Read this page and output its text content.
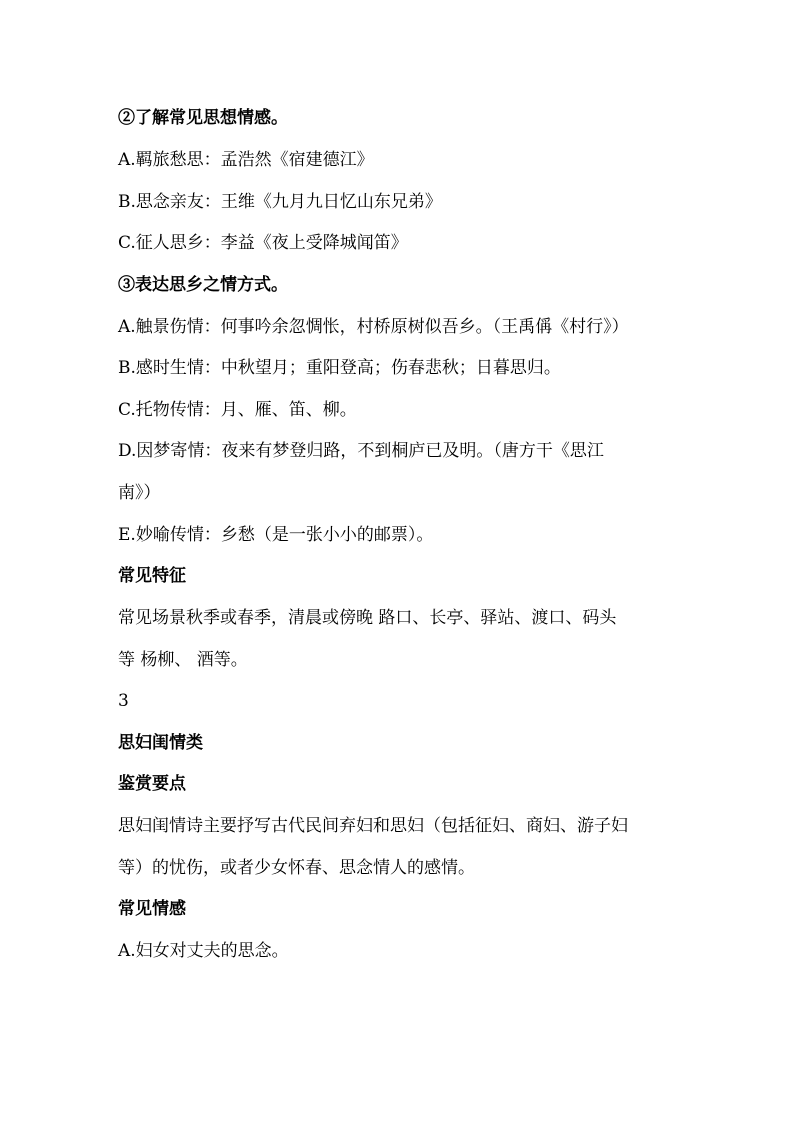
②了解常见思想情感。
A.羁旅愁思：孟浩然《宿建德江》
B.思念亲友：王维《九月九日忆山东兄弟》
C.征人思乡：李益《夜上受降城闻笛》
③表达思乡之情方式。
A.触景伤情：何事吟余忽惆怅，村桥原树似吾乡。（王禹偁《村行》）
B.感时生情：中秋望月；重阳登高；伤春悲秋；日暮思归。
C.托物传情：月、雁、笛、柳。
D.因梦寄情：夜来有梦登归路，不到桐庐已及明。（唐方干《思江
南》）
E.妙喻传情：乡愁（是一张小小的邮票）。
常见特征
常见场景秋季或春季，清晨或傍晚 路口、长亭、驿站、渡口、码头
等 杨柳、 酒等。
3
思妇闺情类
鉴赏要点
思妇闺情诗主要抒写古代民间弃妇和思妇（包括征妇、商妇、游子妇
等）的忧伤，或者少女怀春、思念情人的感情。
常见情感
A.妇女对丈夫的思念。
